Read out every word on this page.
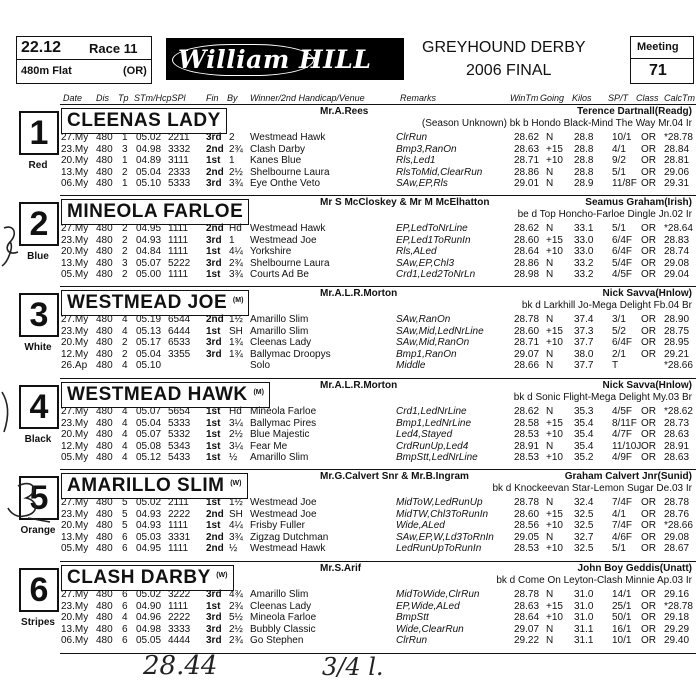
22.12 Race 11
480m Flat	(OR) William HILL	GREYHOUND DERBY
2006 FINAL
Meeting
71
Date Dis Tp STm/HcpSPl Fin By Winner/2nd Handicap/Venue	Remarks	WinTm Going Kilos SP/T Class CalcTm
1
Red
CLEENAS LADY	Mr.A.Rees	Terence Dartnall(Readg)
(Season Unknown) bk b Hondo Black-Mind The Way Mr.04 Ir
27.My 480 1 05.02 2211 3rd 2 Westmead Hawk	ClrRun	28.62 N 28.8 10/1 OR *28.78
23.My 480 3 04.98 3332 2nd 2¾ Clash Darby	Bmp3,RanOn	28.63 +15 28.8 4/1 OR 28.84
20.My 480 1 04.89 3111 1st 1 Kanes Blue	Rls,Led1	28.71 +10 28.8 9/2 OR 28.81
13.My 480 2 05.04 2333 2nd 2½ Shelbourne Laura	RlsToMid,ClearRun	28.86 N 28.8 5/1 OR 29.06
06.My 480 1 05.10 5333 3rd 3¾ Eye Onthe Veto	SAw,EP,Rls	29.01 N 28.9 11/8F OR 29.31
2
Blue
MINEOLA FARLOE	Mr S McCloskey & Mr M McElhatton	Seamus Graham(Irish)
be d Top Honcho-Farloe Dingle Jn.02 Ir
27.My 480 2 04.95 1111 2nd Hd Westmead Hawk	EP,LedToNrLine	28.62 N 33.1 5/1 OR *28.64
23.My 480 2 04.93 1111 3rd 1 Westmead Joe	EP,Led1ToRunIn	28.60 +15 33.0 6/4F OR 28.83
20.My 480 2 04.84 1111 1st 4¼ Yorkshire	Rls,ALed	28.64 +10 33.0 6/4F OR 28.74
13.My 480 3 05.07 5222 3rd 2¾ Shelbourne Laura	SAw,EP,Chl3	28.86 N 33.2 5/4F OR 29.08
05.My 480 2 05.00 1111 1st 3¾ Courts Ad Be	Crd1,Led2ToNrLn	28.98 N 33.2 4/5F OR 29.04
3
White
WESTMEAD JOE $^{(M)}$
Mr.A.L.R.Morton	Nick Savva(Hnlow)
bk d Larkhill Jo-Mega Delight Fb.04 Br
27.My 480 4 05.19 6544 2nd 1½ Amarillo Slim	SAw,RanOn	28.78 N 37.4 3/1 OR 28.90
23.My 480 4 05.13 6444 1st SH Amarillo Slim	SAw,Mid,LedNrLine	28.60 +15 37.3 5/2 OR 28.75
20.My 480 2 05.17 6533 3rd 1¾ Cleenas Lady	SAw,Mid,RanOn	28.71 +10 37.7 6/4F OR 28.95
12.My 480 2 05.04 3355 3rd 1¾ Ballymac Droopys	Bmp1,RanOn	29.07 N 38.0 2/1 OR 29.21
26.Ap 480 4 05.10	Solo	Middle	28.66 N 37.7 T	*28.66
4
Black
WESTMEAD HAWK $^{(M)}$
Mr.A.L.R.Morton	Nick Savva(Hnlow)
bk d Sonic Flight-Mega Delight My.03 Br
27.My 480 4 05.07 5654 1st Hd Mineola Farloe	Crd1,LedNrLine	28.62 N 35.3 4/5F OR *28.62
23.My 480 4 05.04 5333 1st 3¼ Ballymac Pires	Bmp1,LedNrLine	28.58 +15 35.4 8/11F OR 28.73
20.My 480 4 05.07 5332 1st 2½ Blue Majestic	Led4,Stayed	28.53 +10 35.4 4/7F OR 28.63
12.My 480 4 05.08 5343 1st 3¼ Fear Me	CrdRunUp,Led4	28.91 N 35.4 11/10J OR 28.91
05.My 480 4 05.12 5433 1st ½ Amarillo Slim	BmpStt,LedNrLine	28.53 +10 35.2 4/9F OR 28.63
5
Orange
AMARILLO SLIM $^{(W)}$
Mr.G.Calvert Snr & Mr.B.Ingram	Graham Calvert Jnr(Sunid)
bk d Knockeevan Star-Lemon Sugar De.03 Ir
27.My 480 5 05.02 2111 1st 1½ Westmead Joe	MidToW,LedRunUp	28.78 N 32.4 7/4F OR 28.78
23.My 480 5 04.93 2222 2nd SH Westmead Joe	MidTW,Chl3ToRunIn	28.60 +15 32.5 4/1 OR 28.76
20.My 480 5 04.93 1111 1st 4¼ Frisby Fuller	Wide,ALed	28.56 +10 32.5 7/4F OR *28.66
13.My 480 6 05.03 3331 2nd 3¾ Zigzag Dutchman	SAw,EP,W,Ld3ToRnIn 29.05 N 32.7 4/6F OR 29.08
05.My 480 6 04.95 1111 2nd ½ Westmead Hawk	LedRunUpToRunIn	28.53 +10 32.5 5/1 OR 28.67
6
Stripes
CLASH DARBY $^{(W)}$
Mr.S.Arif	John Boy Geddis(Unatt)
bk d Come On Leyton-Clash Minnie Ap.03 Ir
27.My 480 6 05.02 3222 3rd 4¾ Amarillo Slim	MidToWide,ClrRun	28.78 N 31.0 14/1 OR 29.16
23.My 480 6 04.90 1111 1st 2¾ Cleenas Lady	EP,Wide,ALed	28.63 +15 31.0 25/1 OR *28.78
20.My 480 4 04.96 2222 3rd 5½ Mineola Farloe	BmpStt	28.64 +10 31.0 50/1 OR 29.18
13.My 480 6 04.98 3333 3rd 2½ Bubbly Classic	Wide,ClearRun	29.07 N 31.1 16/1 OR 29.29
06.My 480 6 05.05 4444 3rd 2¾ Go Stephen	ClrRun	29.22 N 31.1 10/1 OR 29.40
28.44	3/4 l.
